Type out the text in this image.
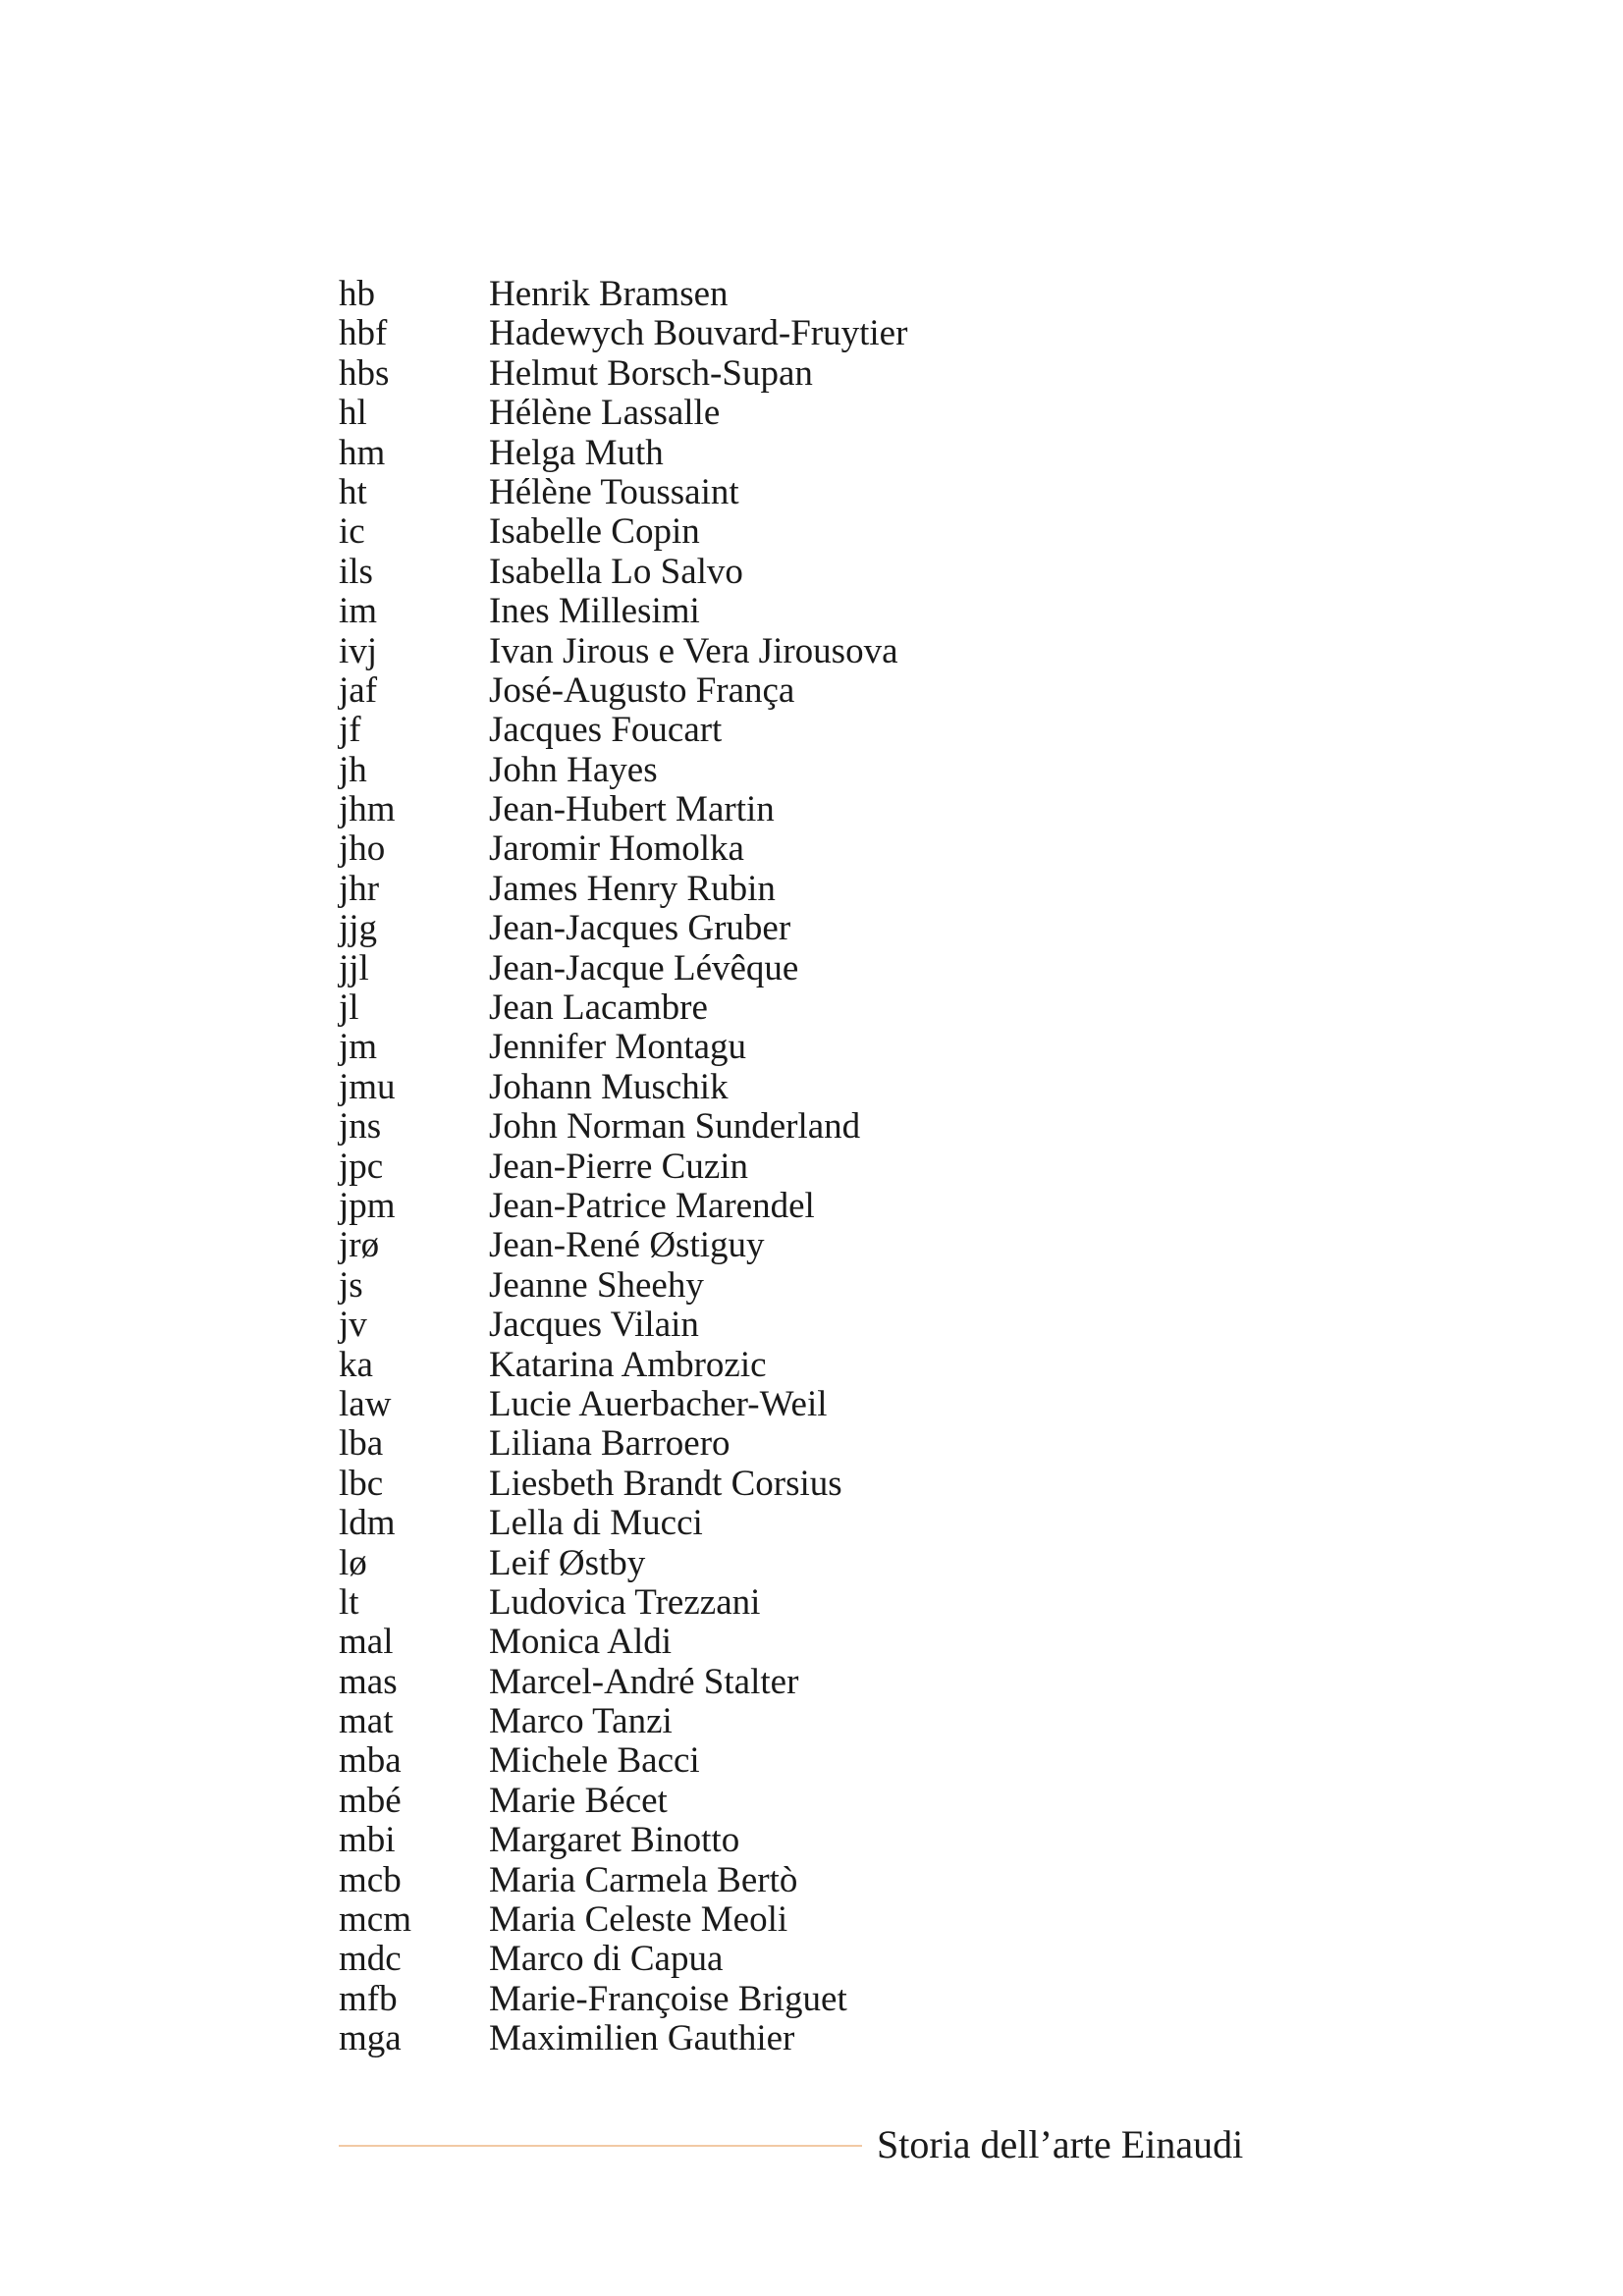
hb	Henrik Bramsen
hbf	Hadewych Bouvard-Fruytier
hbs	Helmut Borsch-Supan
hl	Hélène Lassalle
hm	Helga Muth
ht	Hélène Toussaint
ic	Isabelle Copin
ils	Isabella Lo Salvo
im	Ines Millesimi
ivj	Ivan Jirous e Vera Jirousova
jaf	José-Augusto França
jf	Jacques Foucart
jh	John Hayes
jhm	Jean-Hubert Martin
jho	Jaromir Homolka
jhr	James Henry Rubin
jjg	Jean-Jacques Gruber
jjl	Jean-Jacque Lévêque
jl	Jean Lacambre
jm	Jennifer Montagu
jmu	Johann Muschik
jns	John Norman Sunderland
jpc	Jean-Pierre Cuzin
jpm	Jean-Patrice Marendel
jrø	Jean-René Østiguy
js	Jeanne Sheehy
jv	Jacques Vilain
ka	Katarina Ambrozic
law	Lucie Auerbacher-Weil
lba	Liliana Barroero
lbc	Liesbeth Brandt Corsius
ldm	Lella di Mucci
lø	Leif Østby
lt	Ludovica Trezzani
mal	Monica Aldi
mas	Marcel-André Stalter
mat	Marco Tanzi
mba Michele Bacci
mbé Marie Bécet
mbi	Margaret Binotto
mcb Maria Carmela Bertò
mcm Maria Celeste Meoli
mdc Marco di Capua
mfb	Marie-Françoise Briguet
mga Maximilien Gauthier
Storia dell’arte Einaudi
